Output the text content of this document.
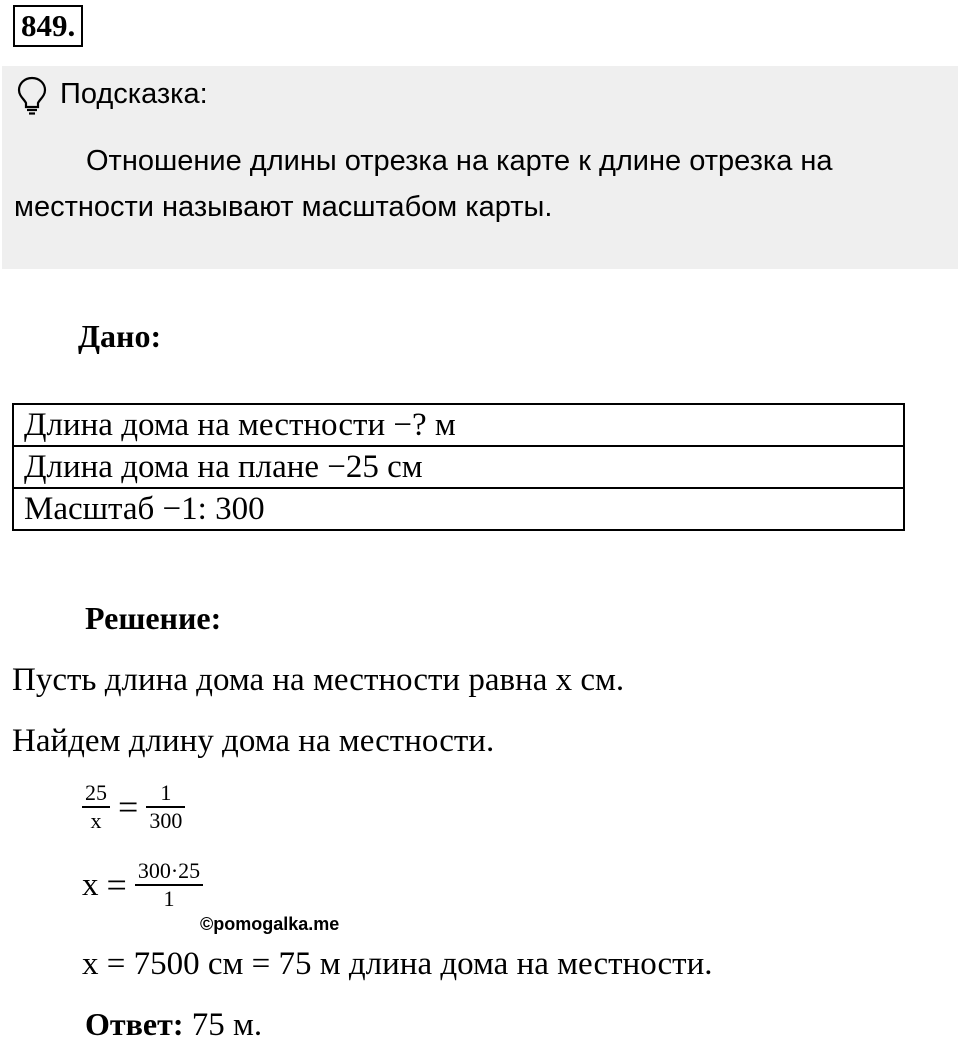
849.
Подсказка:
Отношение длины отрезка на карте к длине отрезка на
местности называют масштабом карты.
Дано:
Длина дома на местности −? м
Длина дома на плане −25 см
Масштаб −1: 300
Решение:
Пусть длина дома на местности равна x см.
Найдем длину дома на местности.
$\frac{25}{x} = \frac{1}{300}$
$x = \frac{300\cdot 25}{1}$
©pomogalka.me
x = 7500 см = 75 м длина дома на местности.
Ответ: 75 м.
